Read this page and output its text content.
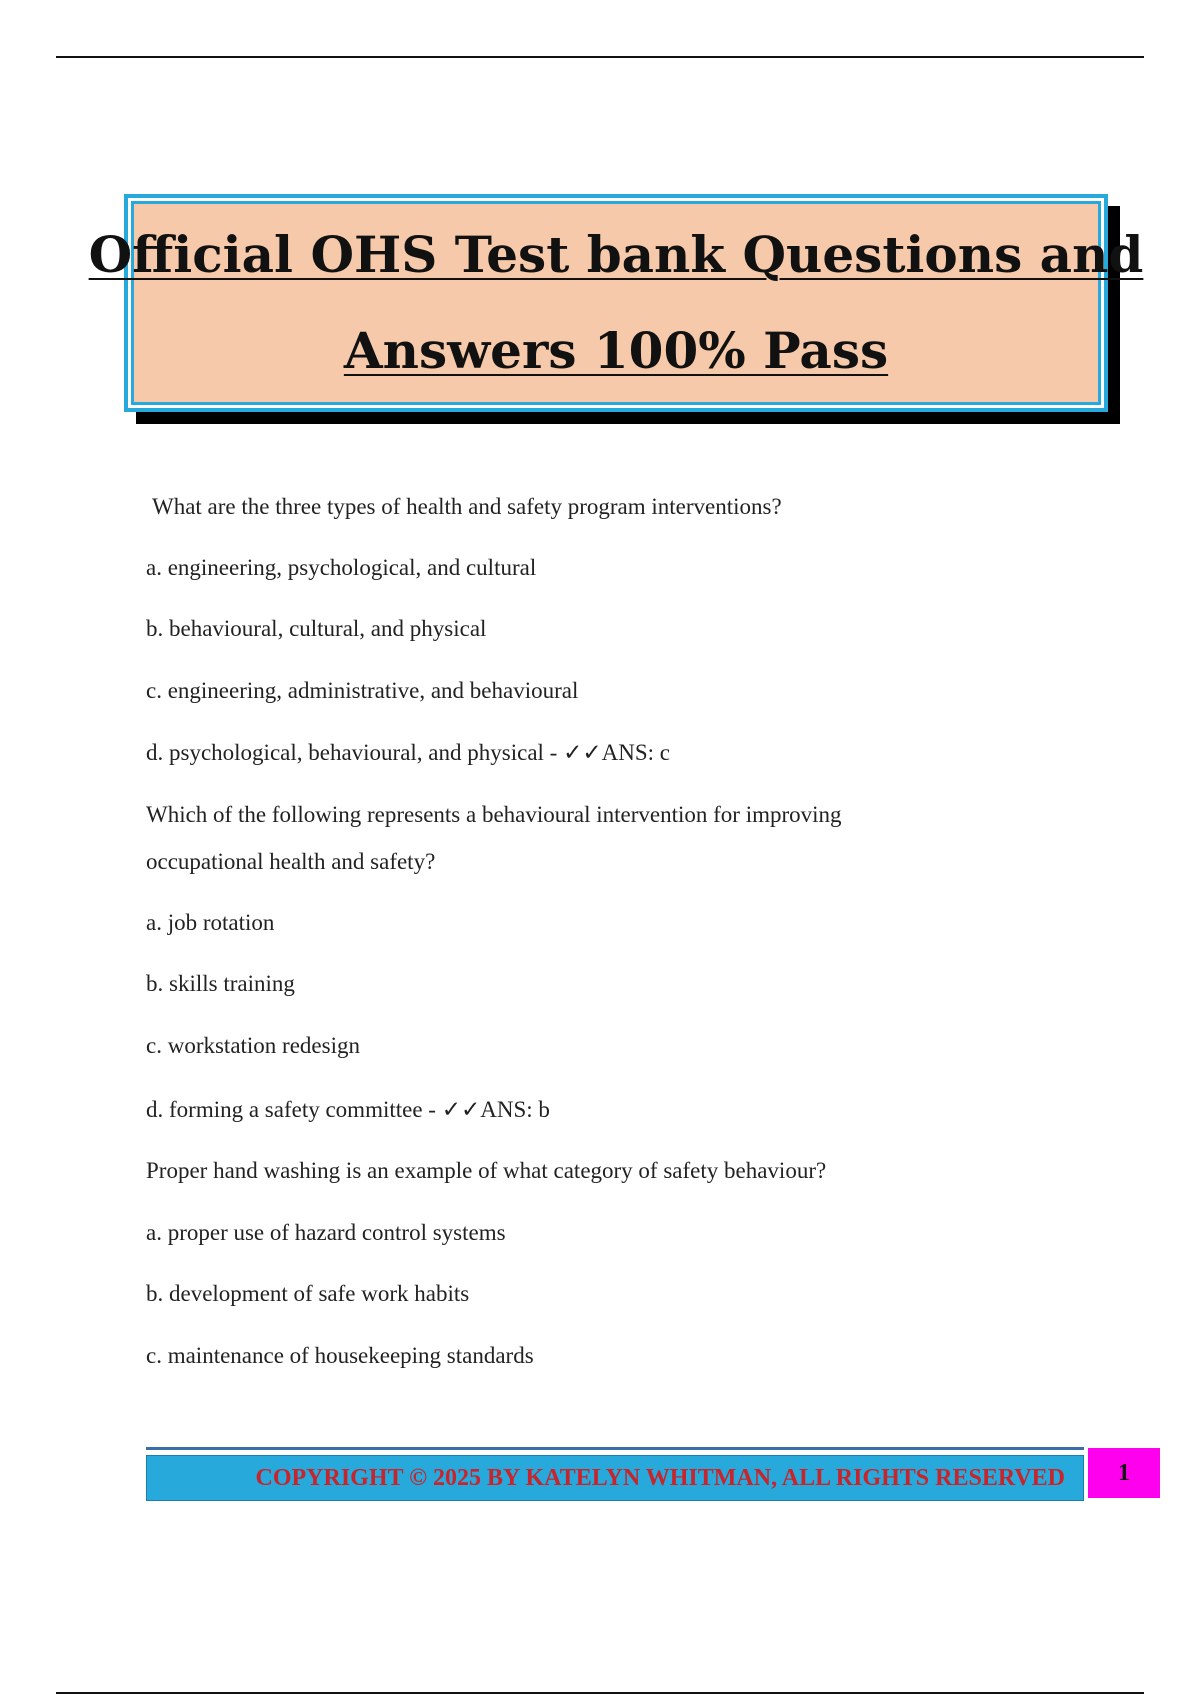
Official OHS Test bank Questions and
Answers 100% Pass
What are the three types of health and safety program interventions?
a. engineering, psychological, and cultural
b. behavioural, cultural, and physical
c. engineering, administrative, and behavioural
d. psychological, behavioural, and physical - ✓✓ANS: c
Which of the following represents a behavioural intervention for improving
occupational health and safety?
a. job rotation
b. skills training
c. workstation redesign
d. forming a safety committee - ✓✓ANS: b
Proper hand washing is an example of what category of safety behaviour?
a. proper use of hazard control systems
b. development of safe work habits
c. maintenance of housekeeping standards
COPYRIGHT © 2025 BY KATELYN WHITMAN, ALL RIGHTS RESERVED 1
